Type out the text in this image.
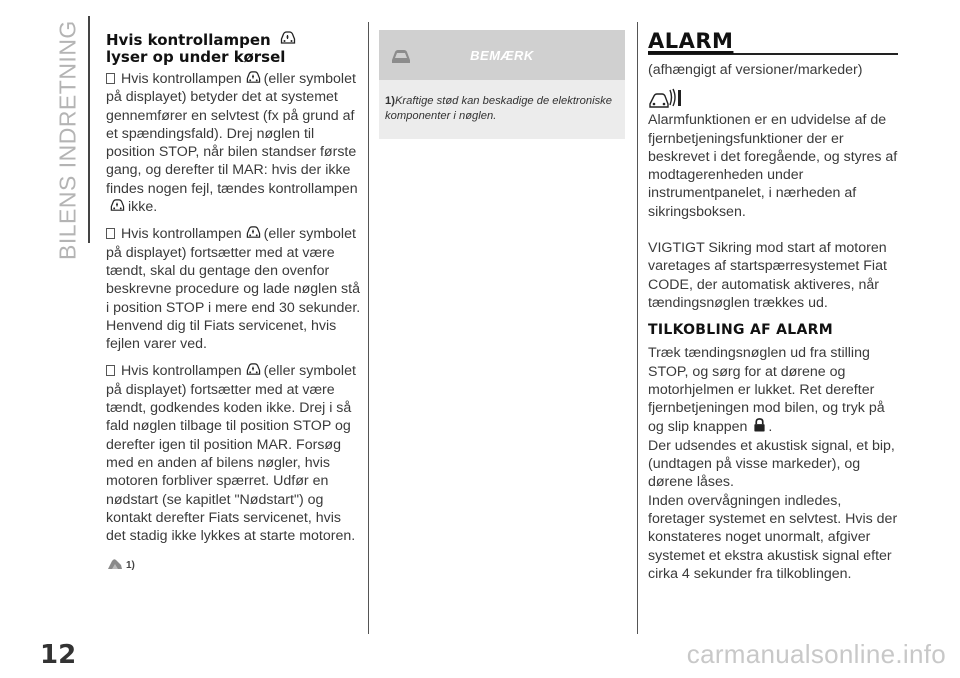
BILENS INDRETNING	Hvis kontrollampen
lyser op under kørsel

Hvis kontrollampen (eller symbolet på displayet) betyder det at systemet gennemfører en selvtest (fx på grund af et spændingsfald). Drej nøglen til position STOP, når bilen standser første gang, og derefter til MAR: hvis der ikke findes nogen fejl, tændes kontrollampenikke.

Hvis kontrollampen (eller symbolet på displayet) fortsætter med at være tændt, skal du gentage den ovenfor beskrevne procedure og lade nøglen stå i position STOP i mere end 30 sekunder. Henvend dig til Fiats servicenet, hvis fejlen varer ved.

Hvis kontrollampen (eller symbolet på displayet) fortsætter med at være tændt, godkendes koden ikke. Drej i så fald nøglen tilbage til position STOP og derefter igen til position MAR. Forsøg med en anden af bilens nøgler, hvis motoren forbliver spærret. Udfør en nødstart (se kapitlet "Nødstart") og kontakt derefter Fiats servicenet, hvis det stadig ikke lykkes at starte motoren.

1)
BEMÆRK
1)Kraftige stød kan beskadige de elektroniske komponenter i nøglen.
ALARM

(afhængigt af versioner/markeder)

Alarmfunktionen er en udvidelse af de fjernbetjeningsfunktioner der er beskrevet i det foregående, og styres af modtagerenheden under instrumentpanelet, i nærheden af sikringsboksen.

VIGTIGT Sikring mod start af motoren varetages af startspærresystemet Fiat CODE, der automatisk aktiveres, når tændingsnøglen trækkes ud.

TILKOBLING AF ALARM

Træk tændingsnøglen ud fra stilling STOP, og sørg for at dørene og motorhjelmen er lukket. Ret derefter fjernbetjeningen mod bilen, og tryk på og slip knappen .

Der udsendes et akustisk signal, et bip, (undtagen på visse markeder), og dørene låses.

Inden overvågningen indledes, foretager systemet en selvtest. Hvis der konstateres noget unormalt, afgiver systemet et ekstra akustisk signal efter cirka 4 sekunder fra tilkoblingen.

12	carmanualsonline.info
